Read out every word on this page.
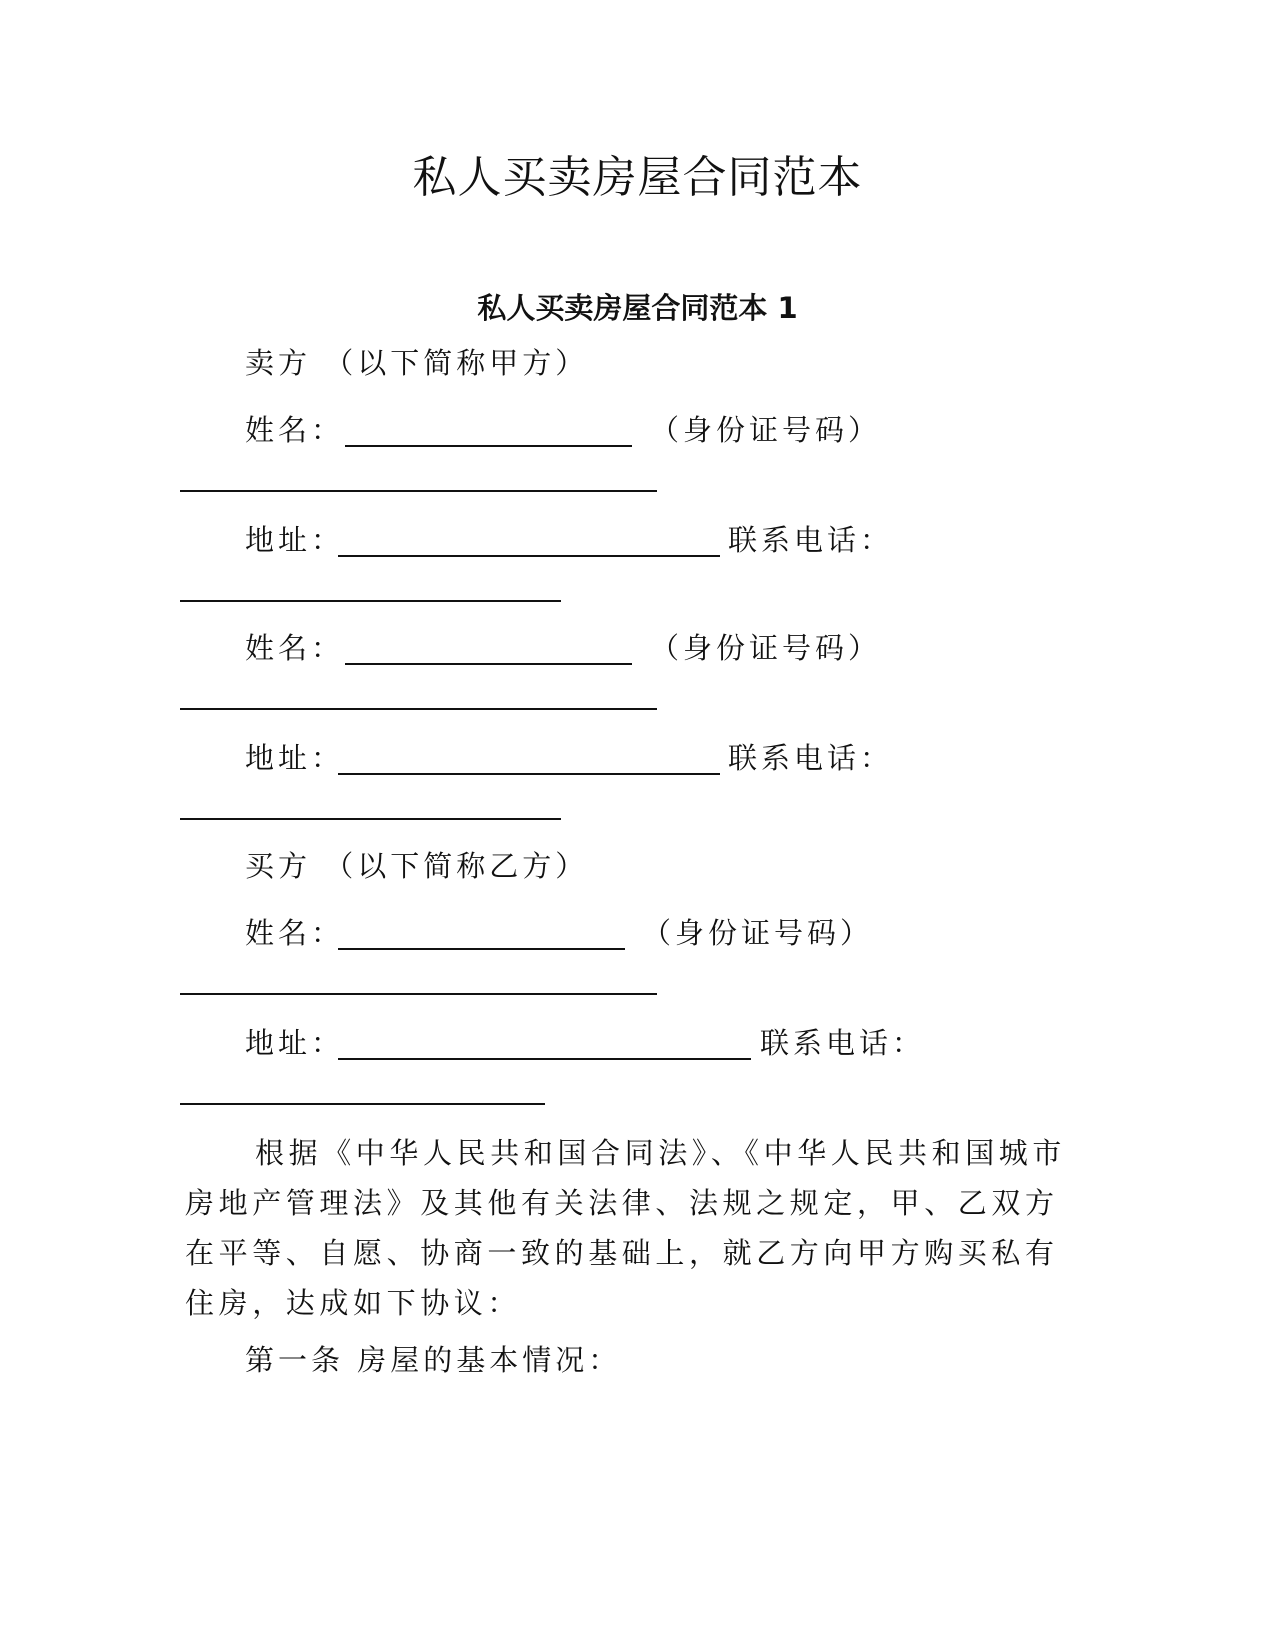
私人买卖房屋合同范本
私人买卖房屋合同范本 1
卖方 （以下简称甲方）
姓名：	（身份证号码）
地址：	联系电话：
姓名：	（身份证号码）
地址：	联系电话：
买方 （以下简称乙方）
姓名：	（身份证号码）
地址：	联系电话：
根据《中华人民共和国合同法》、《中华人民共和国城市房地产管理法》及其他有关法律、法规之规定，甲、乙双方在平等、自愿、协商一致的基础上，就乙方向甲方购买私有住房，达成如下协议：
第一条 房屋的基本情况：
